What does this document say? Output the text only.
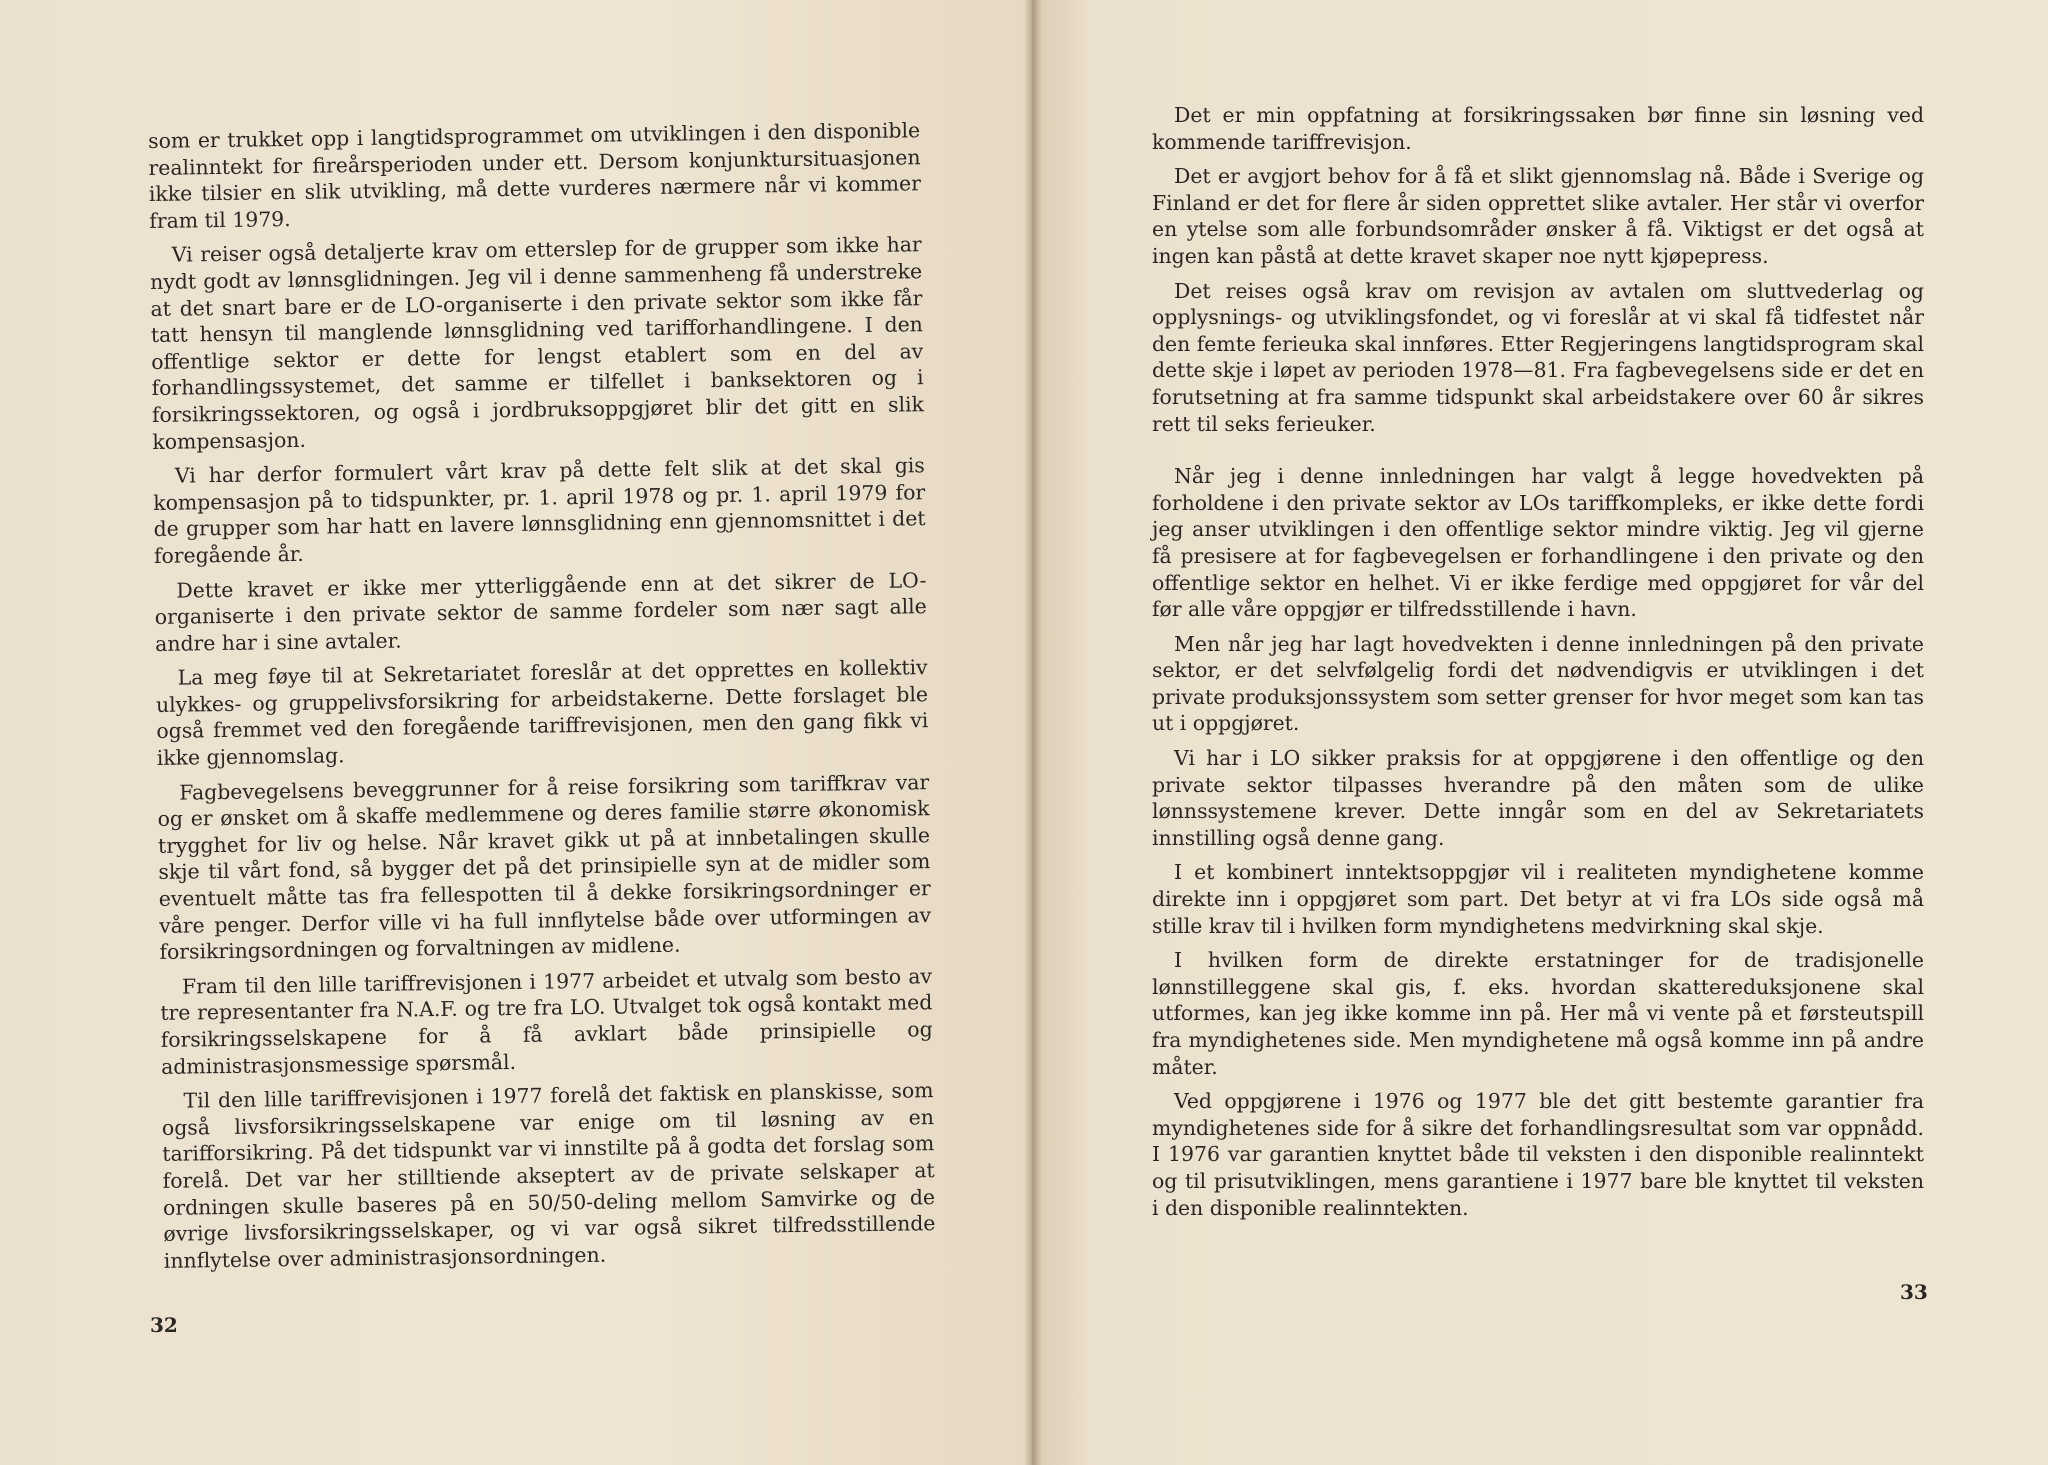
som er trukket opp i langtidsprogrammet om utviklingen i den disponible realinntekt for fireårsperioden under ett. Dersom konjunktursituasjonen ikke tilsier en slik utvikling, må dette vurderes nærmere når vi kommer fram til 1979.

Vi reiser også detaljerte krav om etterslep for de grupper som ikke har nydt godt av lønnsglidningen. Jeg vil i denne sammenheng få understreke at det snart bare er de LO-organiserte i den private sektor som ikke får tatt hensyn til manglende lønnsglidning ved tarifforhandlingene. I den offentlige sektor er dette for lengst etablert som en del av forhandlingssystemet, det samme er tilfellet i banksektoren og i forsikringssektoren, og også i jordbruksoppgjøret blir det gitt en slik kompensasjon.

Vi har derfor formulert vårt krav på dette felt slik at det skal gis kompensasjon på to tidspunkter, pr. 1. april 1978 og pr. 1. april 1979 for de grupper som har hatt en lavere lønnsglidning enn gjennomsnittet i det foregående år.

Dette kravet er ikke mer ytterliggående enn at det sikrer de LO-organiserte i den private sektor de samme fordeler som nær sagt alle andre har i sine avtaler.

La meg føye til at Sekretariatet foreslår at det opprettes en kollektiv ulykkes- og gruppelivsforsikring for arbeidstakerne. Dette forslaget ble også fremmet ved den foregående tariffrevisjonen, men den gang fikk vi ikke gjennomslag.

Fagbevegelsens beveggrunner for å reise forsikring som tariffkrav var og er ønsket om å skaffe medlemmene og deres familie større økonomisk trygghet for liv og helse. Når kravet gikk ut på at innbetalingen skulle skje til vårt fond, så bygger det på det prinsipielle syn at de midler som eventuelt måtte tas fra fellespotten til å dekke forsikringsordninger er våre penger. Derfor ville vi ha full innflytelse både over utformingen av forsikringsordningen og forvaltningen av midlene.

Fram til den lille tariffrevisjonen i 1977 arbeidet et utvalg som besto av tre representanter fra N.A.F. og tre fra LO. Utvalget tok også kontakt med forsikringsselskapene for å få avklart både prinsipielle og administrasjonsmessige spørsmål.

Til den lille tariffrevisjonen i 1977 forelå det faktisk en planskisse, som også livsforsikringsselskapene var enige om til løsning av en tarifforsikring. På det tidspunkt var vi innstilte på å godta det forslag som forelå. Det var her stilltiende akseptert av de private selskaper at ordningen skulle baseres på en 50/50-deling mellom Samvirke og de øvrige livsforsikringsselskaper, og vi var også sikret tilfredsstillende innflytelse over administrasjonsordningen.

32

Det er min oppfatning at forsikringssaken bør finne sin løsning ved kommende tariffrevisjon.

Det er avgjort behov for å få et slikt gjennomslag nå. Både i Sverige og Finland er det for flere år siden opprettet slike avtaler. Her står vi overfor en ytelse som alle forbundsområder ønsker å få. Viktigst er det også at ingen kan påstå at dette kravet skaper noe nytt kjøpepress.

Det reises også krav om revisjon av avtalen om sluttvederlag og opplysnings- og utviklingsfondet, og vi foreslår at vi skal få tidfestet når den femte ferieuka skal innføres. Etter Regjeringens langtidsprogram skal dette skje i løpet av perioden 1978—81. Fra fagbevegelsens side er det en forutsetning at fra samme tidspunkt skal arbeidstakere over 60 år sikres rett til seks ferieuker.

Når jeg i denne innledningen har valgt å legge hovedvekten på forholdene i den private sektor av LOs tariffkompleks, er ikke dette fordi jeg anser utviklingen i den offentlige sektor mindre viktig. Jeg vil gjerne få presisere at for fagbevegelsen er forhandlingene i den private og den offentlige sektor en helhet. Vi er ikke ferdige med oppgjøret for vår del før alle våre oppgjør er tilfredsstillende i havn.

Men når jeg har lagt hovedvekten i denne innledningen på den private sektor, er det selvfølgelig fordi det nødvendigvis er utviklingen i det private produksjonssystem som setter grenser for hvor meget som kan tas ut i oppgjøret.

Vi har i LO sikker praksis for at oppgjørene i den offentlige og den private sektor tilpasses hverandre på den måten som de ulike lønnssystemene krever. Dette inngår som en del av Sekretariatets innstilling også denne gang.

I et kombinert inntektsoppgjør vil i realiteten myndighetene komme direkte inn i oppgjøret som part. Det betyr at vi fra LOs side også må stille krav til i hvilken form myndighetens medvirkning skal skje.

I hvilken form de direkte erstatninger for de tradisjonelle lønnstilleggene skal gis, f. eks. hvordan skattereduksjonene skal utformes, kan jeg ikke komme inn på. Her må vi vente på et førsteutspill fra myndighetenes side. Men myndighetene må også komme inn på andre måter.

Ved oppgjørene i 1976 og 1977 ble det gitt bestemte garantier fra myndighetenes side for å sikre det forhandlingsresultat som var oppnådd. I 1976 var garantien knyttet både til veksten i den disponible realinntekt og til prisutviklingen, mens garantiene i 1977 bare ble knyttet til veksten i den disponible realinntekten.

33
